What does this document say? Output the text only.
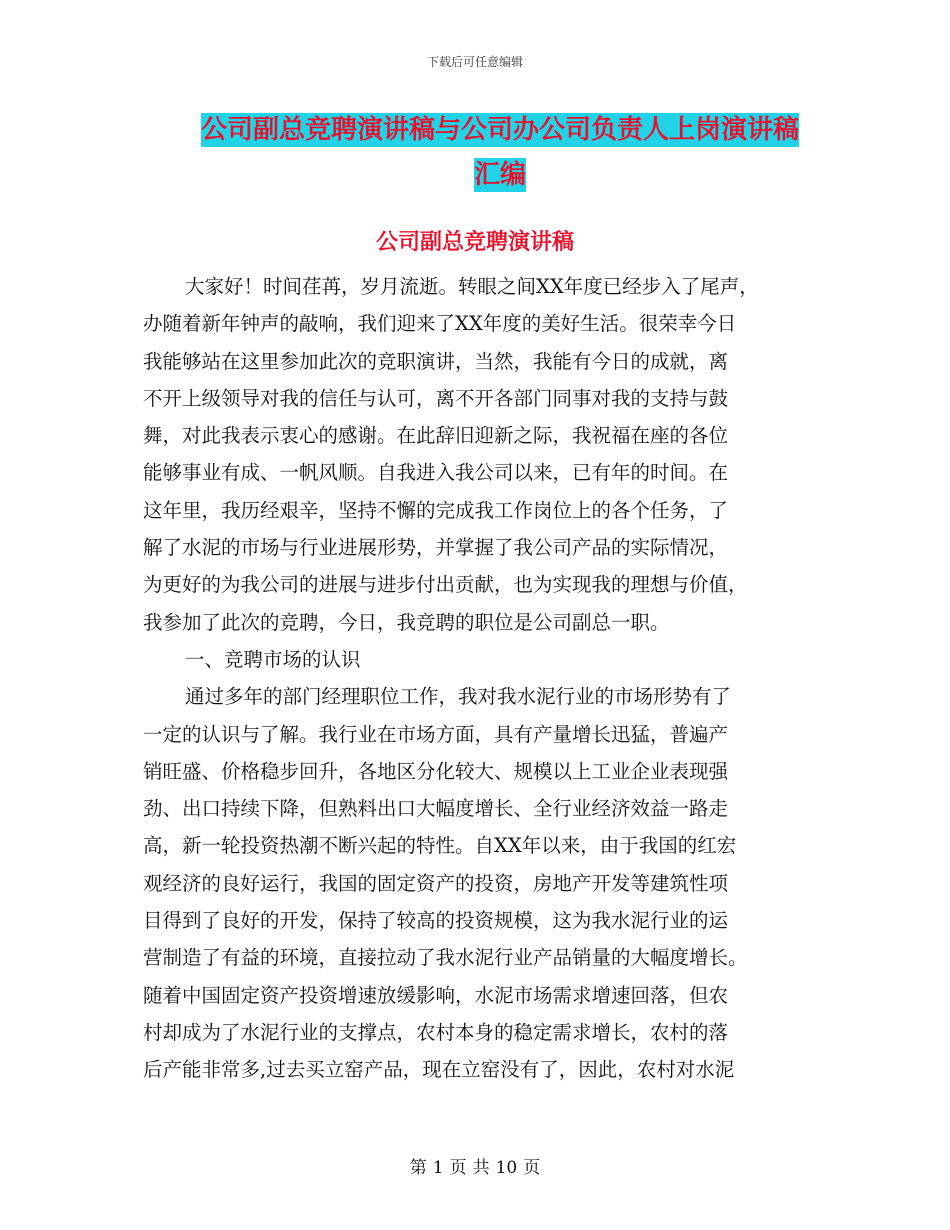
下载后可任意编辑
公司副总竞聘演讲稿与公司办公司负责人上岗演讲稿
汇编
公司副总竞聘演讲稿
大家好！时间荏苒，岁月流逝。转眼之间XX年度已经步入了尾声，
办随着新年钟声的敲响，我们迎来了XX年度的美好生活。很荣幸今日
我能够站在这里参加此次的竞职演讲，当然，我能有今日的成就，离
不开上级领导对我的信任与认可，离不开各部门同事对我的支持与鼓
舞，对此我表示衷心的感谢。在此辞旧迎新之际，我祝福在座的各位
能够事业有成、一帆风顺。自我进入我公司以来，已有年的时间。在
这年里，我历经艰辛，坚持不懈的完成我工作岗位上的各个任务，了
解了水泥的市场与行业进展形势，并掌握了我公司产品的实际情况，
为更好的为我公司的进展与进步付出贡献，也为实现我的理想与价值，
我参加了此次的竞聘，今日，我竞聘的职位是公司副总一职。
一、竞聘市场的认识
通过多年的部门经理职位工作，我对我水泥行业的市场形势有了
一定的认识与了解。我行业在市场方面，具有产量增长迅猛，普遍产
销旺盛、价格稳步回升，各地区分化较大、规模以上工业企业表现强
劲、出口持续下降，但熟料出口大幅度增长、全行业经济效益一路走
高，新一轮投资热潮不断兴起的特性。自XX年以来，由于我国的红宏
观经济的良好运行，我国的固定资产的投资，房地产开发等建筑性项
目得到了良好的开发，保持了较高的投资规模，这为我水泥行业的运
营制造了有益的环境，直接拉动了我水泥行业产品销量的大幅度增长。
随着中国固定资产投资增速放缓影响，水泥市场需求增速回落，但农
村却成为了水泥行业的支撑点，农村本身的稳定需求增长，农村的落
后产能非常多,过去买立窑产品，现在立窑没有了，因此，农村对水泥
第 1 页 共 10 页
